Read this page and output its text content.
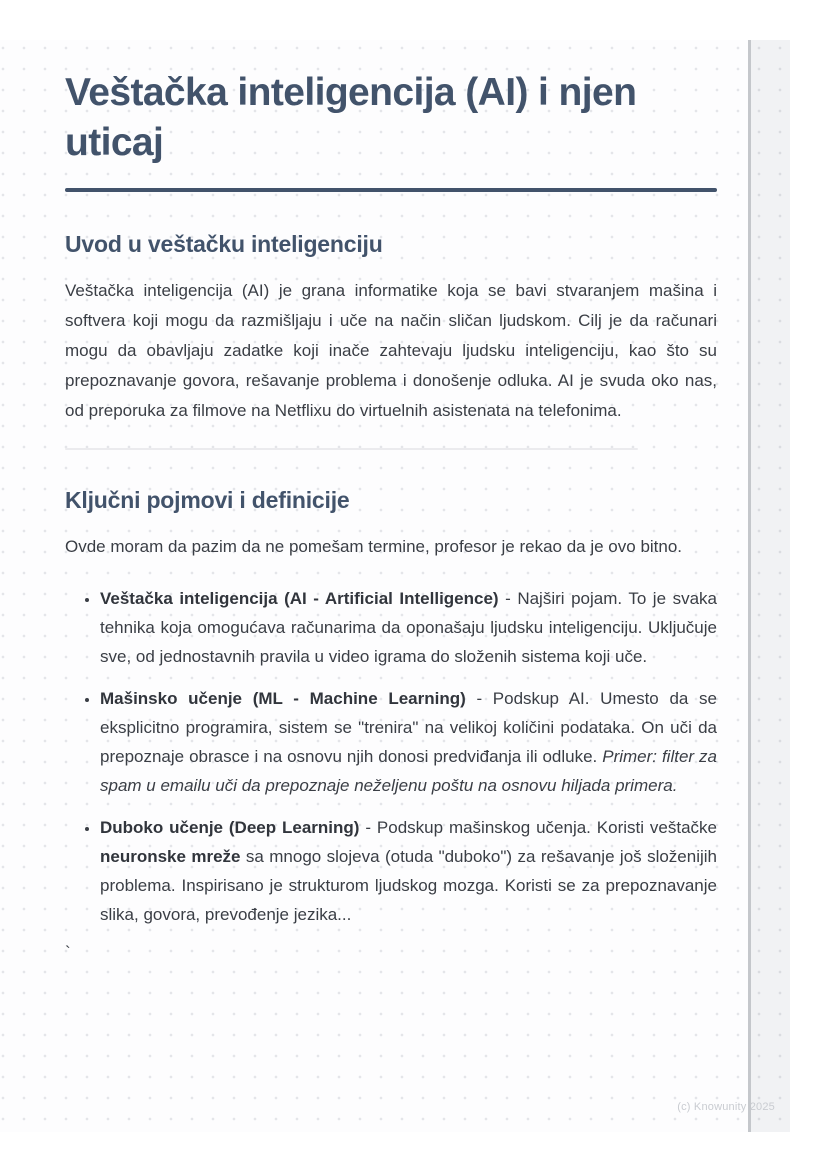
Veštačka inteligencija (AI) i njen uticaj
Uvod u veštačku inteligenciju

Veštačka inteligencija (AI) je grana informatike koja se bavi stvaranjem mašina i softvera koji mogu da razmišljaju i uče na način sličan ljudskom. Cilj je da računari mogu da obavljaju zadatke koji inače zahtevaju ljudsku inteligenciju, kao što su prepoznavanje govora, rešavanje problema i donošenje odluka. AI je svuda oko nas, od preporuka za filmove na Netflixu do virtuelnih asistenata na telefonima.

Ključni pojmovi i definicije

Ovde moram da pazim da ne pomešam termine, profesor je rekao da je ovo bitno.

• Veštačka inteligencija (AI - Artificial Intelligence) - Najširi pojam. To je svaka tehnika koja omogućava računarima da oponašaju ljudsku inteligenciju. Uključuje sve, od jednostavnih pravila u video igrama do složenih sistema koji uče.
• Mašinsko učenje (ML - Machine Learning) - Podskup AI. Umesto da se eksplicitno programira, sistem se "trenira" na velikoj količini podataka. On uči da prepoznaje obrasce i na osnovu njih donosi predviđanja ili odluke. Primer: filter za spam u emailu uči da prepoznaje neželjenu poštu na osnovu hiljada primera.
• Duboko učenje (Deep Learning) - Podskup mašinskog učenja. Koristi veštačke neuronske mreže sa mnogo slojeva (otuda "duboko") za rešavanje još složenijih problema. Inspirisano je strukturom ljudskog mozga. Koristi se za prepoznavanje slika, govora, prevođenje jezika...

`

(c) Knowunity 2025
